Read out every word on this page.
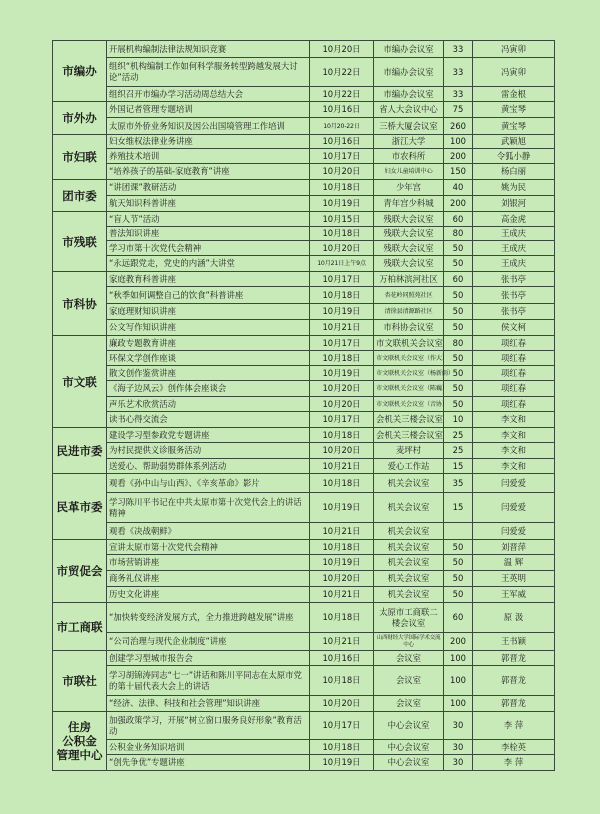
市编办	开展机构编制法律法规知识竞赛	10月20日	市编办会议室	33	冯寅卯
	组织“机构编制工作如何科学服务转型跨越发展大讨论”活动	10月22日	市编办会议室	33	冯寅卯
	组织召开市编办学习活动周总结大会	10月22日	市编办会议室	33	雷金根
市外办	外国记者管理专题培训	10月16日	省人大会议中心	75	黄宝琴
	太原市外侨业务知识及因公出国境管理工作培训	10月20-22日	三桥大厦会议室	260	黄宝琴
市妇联	妇女维权法律业务讲座	10月16日	浙江大学	100	武颖旭
	养殖技术培训	10月17日	市农科所	200	令狐小静
	“培养孩子的基础-家庭教育”讲座	10月20日	妇女儿童培训中心	150	杨白丽
团市委	“讲团课”教研活动	10月18日	少年宫	40	姚为民
	航天知识科普讲座	10月19日	青年宫少科城	200	刘银河
市残联	“盲人节”活动	10月15日	残联大会议室	60	高金虎
	普法知识讲座	10月18日	残联大会议室	80	王成庆
	学习市第十次党代会精神	10月20日	残联大会议室	50	王成庆
	“永远跟党走，党史的内涵”大讲堂	10月21日上午9点	残联大会议室	50	王成庆
市科协	家庭教育科普讲座	10月17日	万柏林滨河社区	60	张书亭
	“秋季如何调整自己的饮食”科普讲座	10月18日	杏花岭同照苑社区	50	张书亭
	家庭理财知识讲座	10月19日	清徐县清源路社区	50	张书亭
	公文写作知识讲座	10月21日	市科协会议室	50	侯文柯
市文联	廉政专题教育讲座	10月17日	市文联机关会议室	80	项红春
	环保文学创作座谈	10月18日	市文联机关会议室（作大）	50	项红春
	散文创作鉴赏讲座	10月19日	市文联机关会议室（杨新雨）	50	项红春
	《海子边风云》创作体会座谈会	10月20日	市文联机关会议室（陈巍）	50	项红春
	声乐艺术欣赏活动	10月20日	市文联机关会议室（音协）	50	项红春
	读书心得交流会	10月17日	会机关三楼会议室	10	李文和
民进市委	建设学习型参政党专题讲座	10月18日	会机关三楼会议室	25	李文和
	为村民提供义诊服务活动	10月20日	麦坪村	25	李文和
	送爱心、帮助弱势群体系列活动	10月21日	爱心工作站	15	李文和
民革市委	观看《孙中山与山西》、《辛亥革命》影片	10月18日	机关会议室	35	闫爱爱
	学习陈川平书记在中共太原市第十次党代会上的讲话精神	10月19日	机关会议室	15	闫爱爱
	观看《决战朝鲜》	10月21日	机关会议室		闫爱爱
市贸促会	宣讲太原市第十次党代会精神	10月18日	机关会议室	50	刘晋萍
	市场营销讲座	10月19日	机关会议室	50	温 辉
	商务礼仪讲座	10月20日	机关会议室	50	王英明
	历史文化讲座	10月21日	机关会议室	50	王军威
市工商联	“加快转变经济发展方式，全力推进跨越发展”讲座	10月18日	太原市工商联二楼会议室	60	原 汲
	“公司治理与现代企业制度”讲座	10月21日	山西财经大学国际学术交流中心	200	王书颖
市联社	创建学习型城市报告会	10月16日	会议室	100	郭晋龙
	学习胡锦涛同志“七一”讲话和陈川平同志在太原市党的第十届代表大会上的讲话	10月18日	会议室	100	郭晋龙
	“经济、法律、科技和社会管理”知识讲座	10月20日	会议室	100	郭晋龙
住房
公积金
管理中心	加强政策学习，开展“树立窗口服务良好形象”教育活动	10月17日	中心会议室	30	李 萍
	公积金业务知识培训	10月18日	中心会议室	30	李栓英
	“创先争优”专题讲座	10月19日	中心会议室	30	李 萍
